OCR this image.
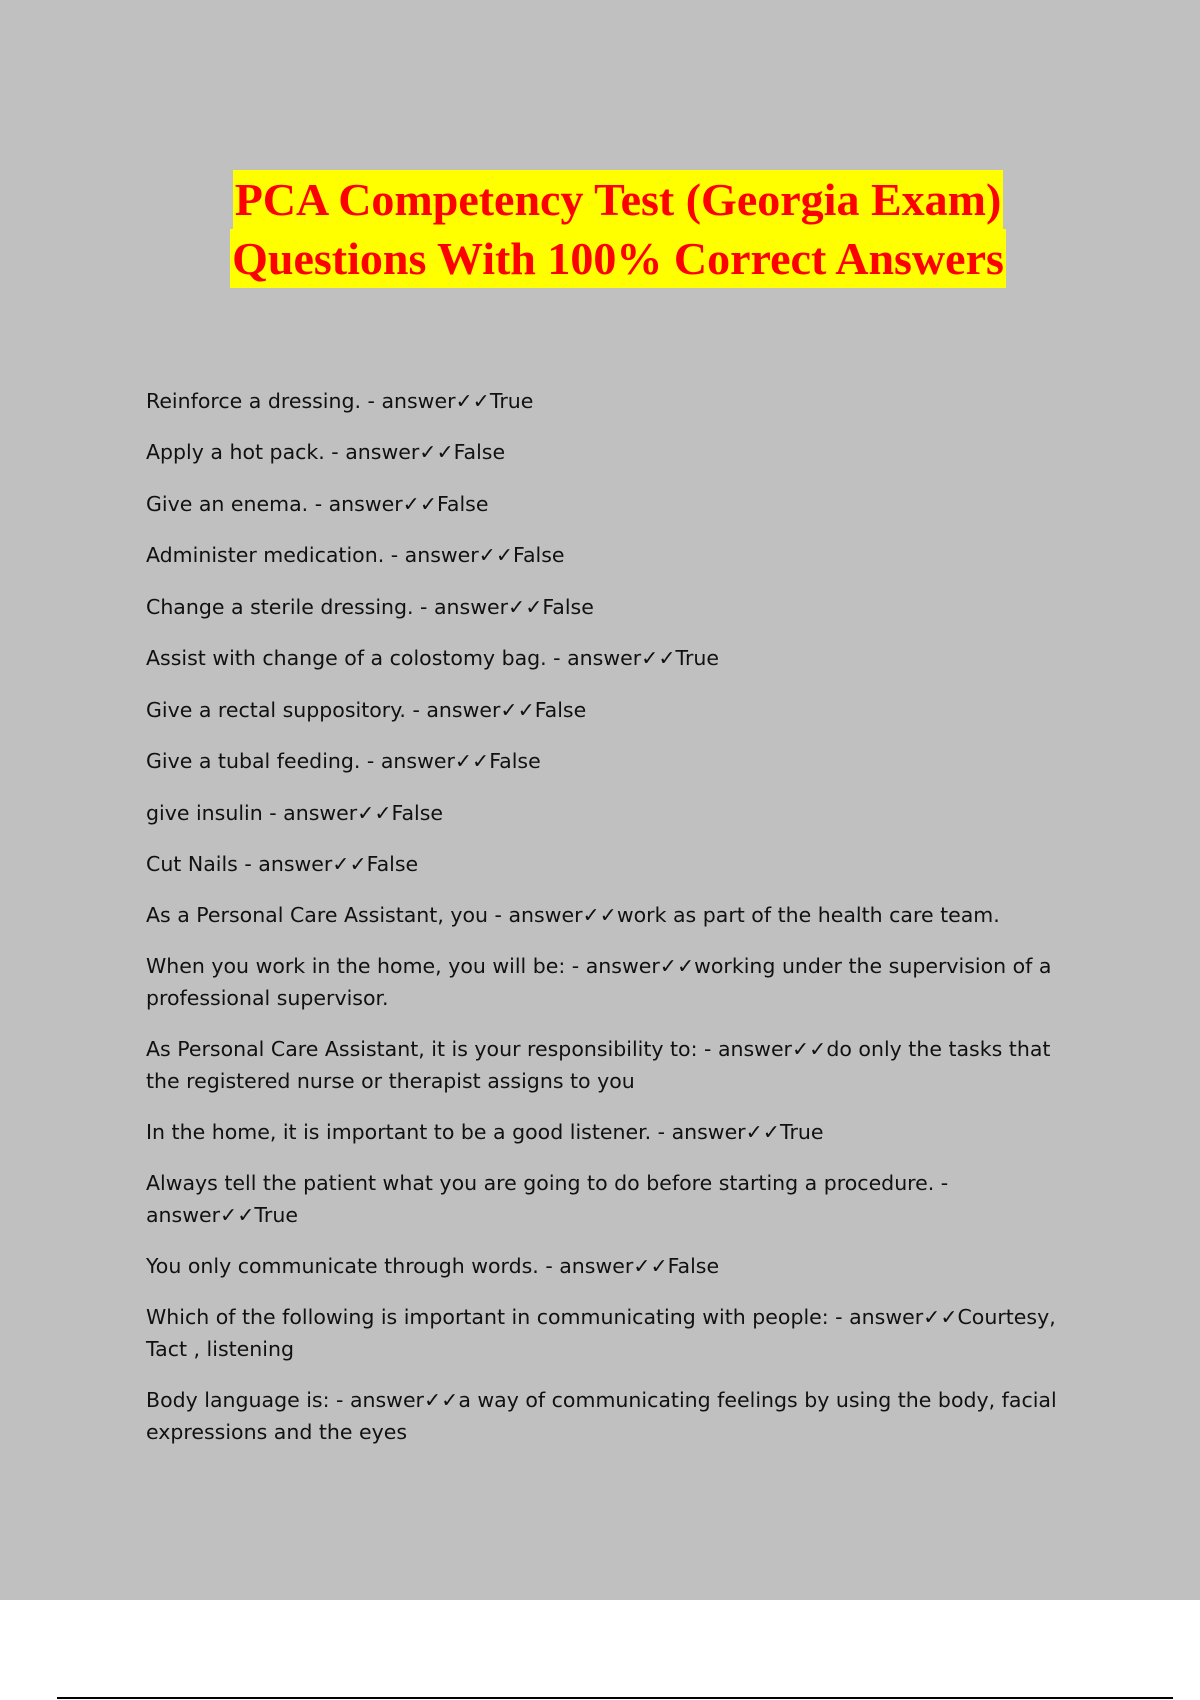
PCA Competency Test (Georgia Exam)
Questions With 100% Correct Answers
Reinforce a dressing. - answer✓✓True
Apply a hot pack. - answer✓✓False
Give an enema. - answer✓✓False
Administer medication. - answer✓✓False
Change a sterile dressing. - answer✓✓False
Assist with change of a colostomy bag. - answer✓✓True
Give a rectal suppository. - answer✓✓False
Give a tubal feeding. - answer✓✓False
give insulin - answer✓✓False
Cut Nails - answer✓✓False
As a Personal Care Assistant, you - answer✓✓work as part of the health care team.
When you work in the home, you will be: - answer✓✓working under the supervision of a professional supervisor.
As Personal Care Assistant, it is your responsibility to: - answer✓✓do only the tasks that the registered nurse or therapist assigns to you
In the home, it is important to be a good listener. - answer✓✓True
Always tell the patient what you are going to do before starting a procedure. - answer✓✓True
You only communicate through words. - answer✓✓False
Which of the following is important in communicating with people: - answer✓✓Courtesy, Tact , listening
Body language is: - answer✓✓a way of communicating feelings by using the body, facial expressions and the eyes
